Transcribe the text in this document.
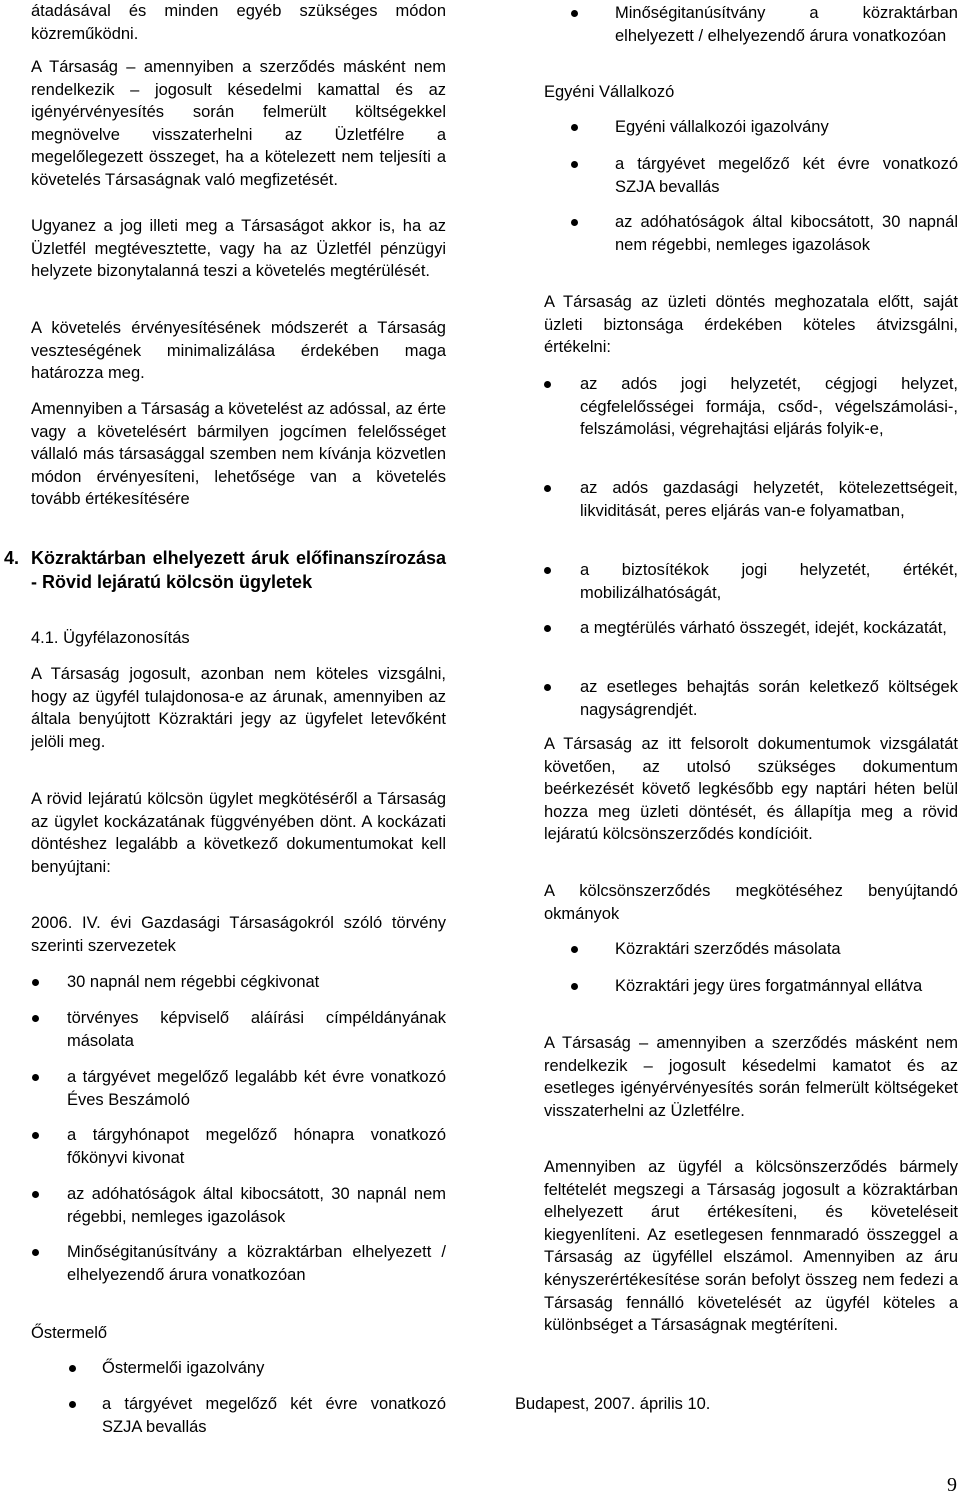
átadásával és minden egyéb szükséges módon közreműködni.

A Társaság – amennyiben a szerződés másként nem rendelkezik – jogosult késedelmi kamattal és az igényérvényesítés során felmerült költségekkel megnövelve visszaterhelni az Üzletfélre a megelőlegezett összeget, ha a kötelezett nem teljesíti a követelés Társaságnak való megfizetését.

Ugyanez a jog illeti meg a Társaságot akkor is, ha az Üzletfél megtévesztette, vagy ha az Üzletfél pénzügyi helyzete bizonytalanná teszi a követelés megtérülését.

A követelés érvényesítésének módszerét a Társaság veszteségének minimalizálása érdekében maga határozza meg.

Amennyiben a Társaság a követelést az adóssal, az érte vagy a követelésért bármilyen jogcímen felelősséget vállaló más társasággal szemben nem kívánja közvetlen módon érvényesíteni, lehetősége van a követelés tovább értékesítésére

4. Közraktárban elhelyezett áruk előfinanszírozása - Rövid lejáratú kölcsön ügyletek

4.1. Ügyfélazonosítás

A Társaság jogosult, azonban nem köteles vizsgálni, hogy az ügyfél tulajdonosa-e az árunak, amennyiben az általa benyújtott Közraktári jegy az ügyfelet letevőként jelöli meg.

A rövid lejáratú kölcsön ügylet megkötéséről a Társaság az ügylet kockázatának függvényében dönt. A kockázati döntéshez legalább a következő dokumentumokat kell benyújtani:

2006. IV. évi Gazdasági Társaságokról szóló törvény szerinti szervezetek

30 napnál nem régebbi cégkivonat

törvényes képviselő aláírási címpéldányának másolata

a tárgyévet megelőző legalább két évre vonatkozó Éves Beszámoló

a tárgyhónapot megelőző hónapra vonatkozó főkönyvi kivonat

az adóhatóságok által kibocsátott, 30 napnál nem régebbi, nemleges igazolások

Minőségitanúsítvány a közraktárban elhelyezett / elhelyezendő árura vonatkozóan

Őstermelő

Őstermelői igazolvány

a tárgyévet megelőző két évre vonatkozó SZJA bevallás

Minőségitanúsítvány a közraktárban elhelyezett / elhelyezendő árura vonatkozóan

Egyéni Vállalkozó

Egyéni vállalkozói igazolvány

a tárgyévet megelőző két évre vonatkozó SZJA bevallás

az adóhatóságok által kibocsátott, 30 napnál nem régebbi, nemleges igazolások

A Társaság az üzleti döntés meghozatala előtt, saját üzleti biztonsága érdekében köteles átvizsgálni, értékelni:

az adós jogi helyzetét, cégjogi helyzet, cégfelelősségei formája, csőd-, végelszámolási-, felszámolási, végrehajtási eljárás folyik-e,

az adós gazdasági helyzetét, kötelezettségeit, likviditását, peres eljárás van-e folyamatban,

a biztosítékok jogi helyzetét, értékét, mobilizálhatóságát,

a megtérülés várható összegét, idejét, kockázatát,

az esetleges behajtás során keletkező költségek nagyságrendjét.

A Társaság az itt felsorolt dokumentumok vizsgálatát követően, az utolsó szükséges dokumentum beérkezését követő legkésőbb egy naptári héten belül hozza meg üzleti döntését, és állapítja meg a rövid lejáratú kölcsönszerződés kondícióit.

A kölcsönszerződés megkötéséhez benyújtandó okmányok

Közraktári szerződés másolata

Közraktári jegy üres forgatmánnyal ellátva

A Társaság – amennyiben a szerződés másként nem rendelkezik – jogosult késedelmi kamatot és az esetleges igényérvényesítés során felmerült költségeket visszaterhelni az Üzletfélre.

Amennyiben az ügyfél a kölcsönszerződés bármely feltételét megszegi a Társaság jogosult a közraktárban elhelyezett árut értékesíteni, és követeléseit kiegyenlíteni. Az esetlegesen fennmaradó összeggel a Társaság az ügyféllel elszámol. Amennyiben az áru kényszerértékesítése során befolyt összeg nem fedezi a Társaság fennálló követelését az ügyfél köteles a különbséget a Társaságnak megtéríteni.

Budapest, 2007. április 10.

9
